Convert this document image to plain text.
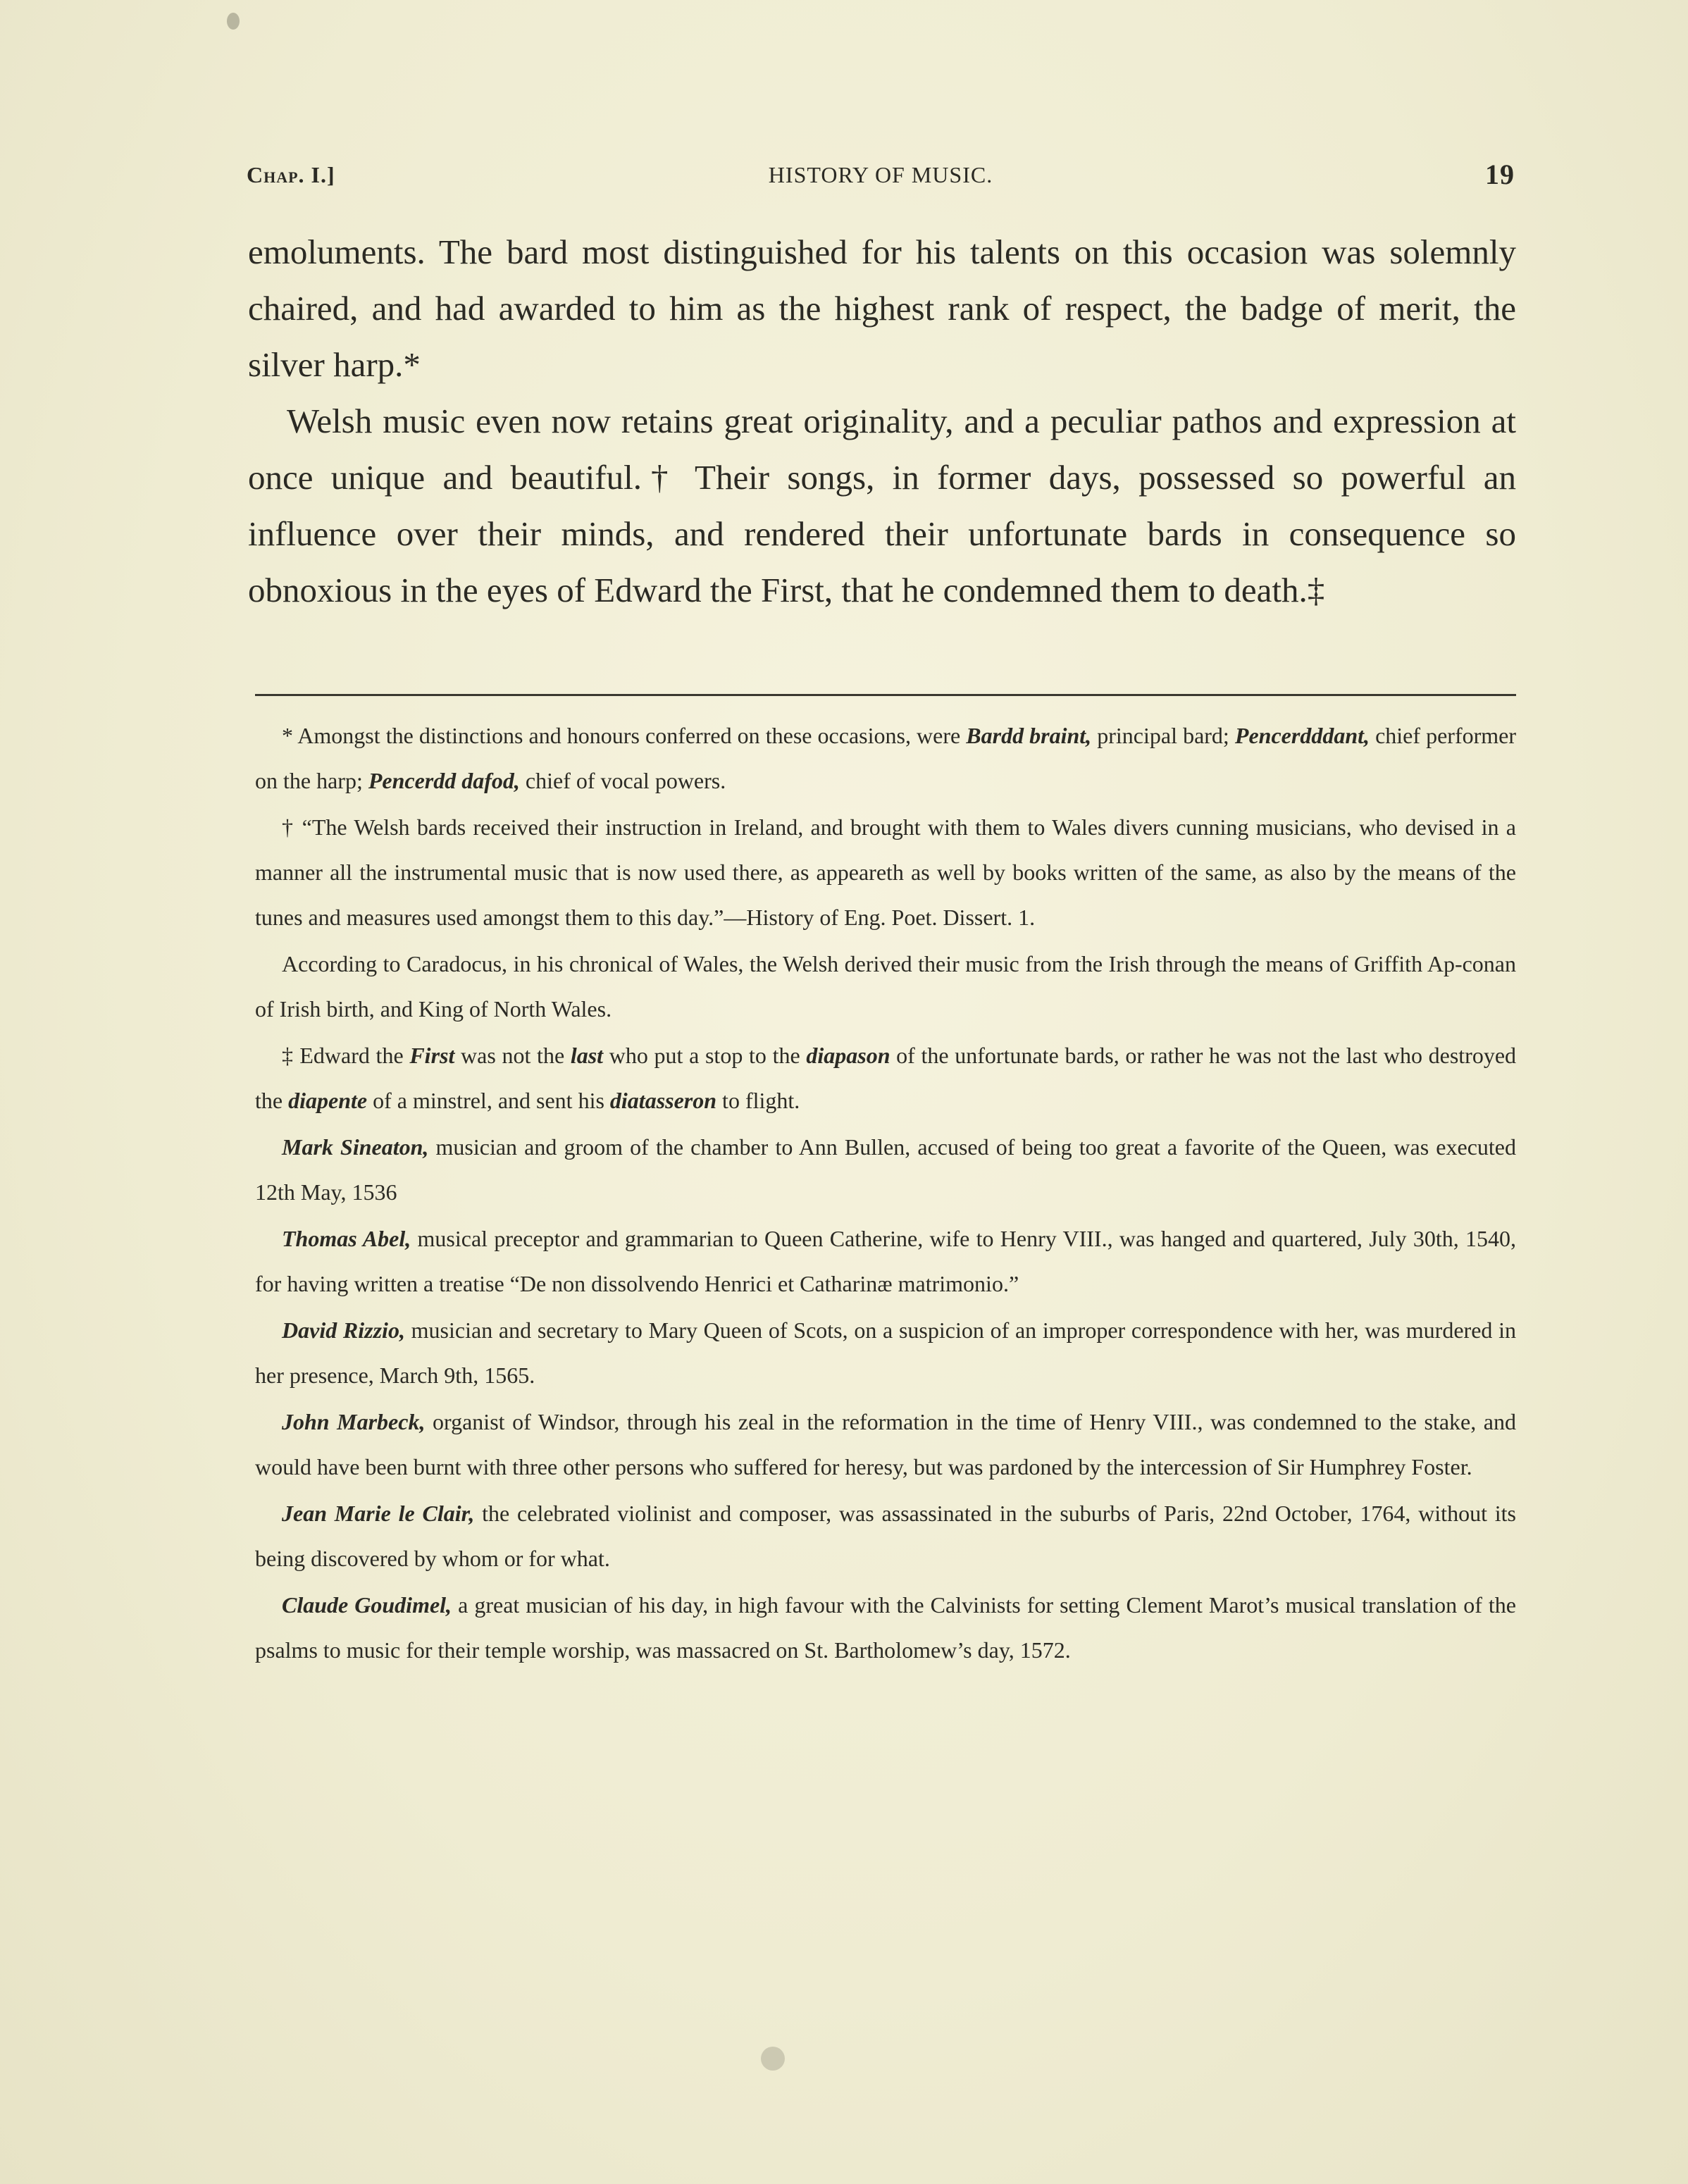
Chap. I.]	HISTORY OF MUSIC.	19

emoluments. The bard most distinguished for his talents on this occasion was solemnly chaired, and had awarded to him as the highest rank of respect, the badge of merit, the silver harp.*

Welsh music even now retains great originality, and a peculiar pathos and expression at once unique and beautiful.† Their songs, in former days, possessed so powerful an influence over their minds, and rendered their unfortunate bards in consequence so obnoxious in the eyes of Edward the First, that he condemned them to death.‡

* Amongst the distinctions and honours conferred on these occasions, were Bardd braint, principal bard; Pencerdddant, chief performer on the harp; Pencerdd dafod, chief of vocal powers.

† “The Welsh bards received their instruction in Ireland, and brought with them to Wales divers cunning musicians, who devised in a manner all the instrumental music that is now used there, as appeareth as well by books written of the same, as also by the means of the tunes and measures used amongst them to this day.”—History of Eng. Poet. Dissert. 1.

According to Caradocus, in his chronical of Wales, the Welsh derived their music from the Irish through the means of Griffith Ap-conan of Irish birth, and King of North Wales.

‡ Edward the First was not the last who put a stop to the diapason of the unfortunate bards, or rather he was not the last who destroyed the diapente of a minstrel, and sent his diatasseron to flight.

Mark Sineaton, musician and groom of the chamber to Ann Bullen, accused of being too great a favorite of the Queen, was executed 12th May, 1536

Thomas Abel, musical preceptor and grammarian to Queen Catherine, wife to Henry VIII., was hanged and quartered, July 30th, 1540, for having written a treatise “De non dissolvendo Henrici et Catharinæ matrimonio.”

David Rizzio, musician and secretary to Mary Queen of Scots, on a suspicion of an improper correspondence with her, was murdered in her presence, March 9th, 1565.

John Marbeck, organist of Windsor, through his zeal in the reformation in the time of Henry VIII., was condemned to the stake, and would have been burnt with three other persons who suffered for heresy, but was pardoned by the intercession of Sir Humphrey Foster.

Jean Marie le Clair, the celebrated violinist and composer, was assassinated in the suburbs of Paris, 22nd October, 1764, without its being discovered by whom or for what.

Claude Goudimel, a great musician of his day, in high favour with the Calvinists for setting Clement Marot’s musical translation of the psalms to music for their temple worship, was massacred on St. Bartholomew’s day, 1572.
